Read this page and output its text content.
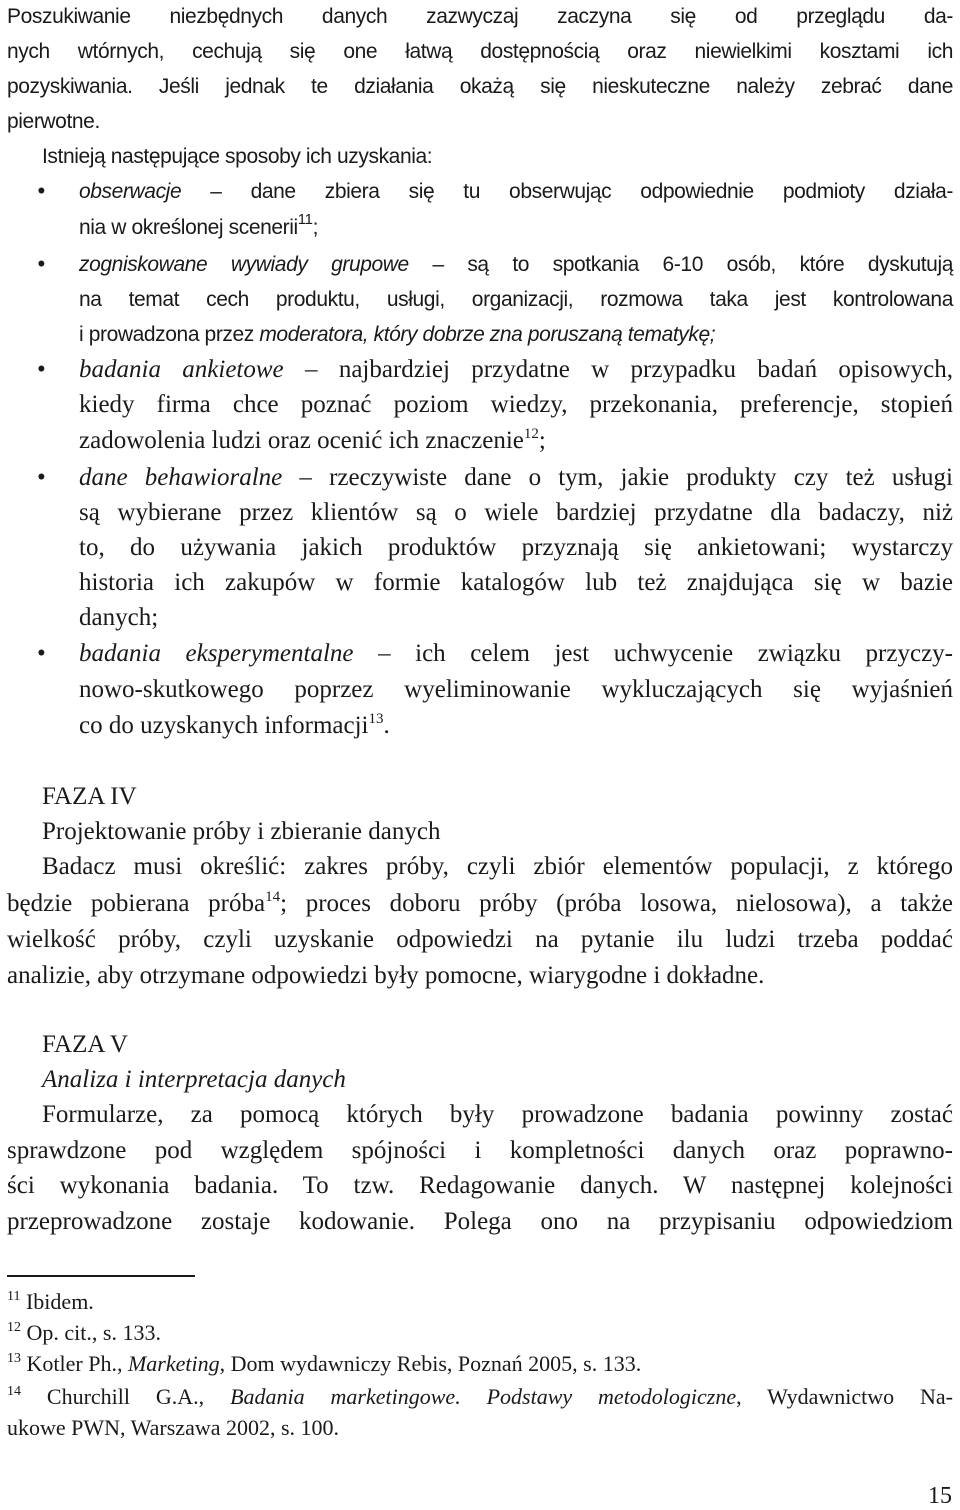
Poszukiwanie niezbędnych danych zazwyczaj zaczyna się od przeglądu da-
nych wtórnych, cechują się one łatwą dostępnością oraz niewielkimi kosztami ich
pozyskiwania. Jeśli jednak te działania okażą się nieskuteczne należy zebrać dane
pierwotne.
Istnieją następujące sposoby ich uzyskania:
• obserwacje – dane zbiera się tu obserwując odpowiednie podmioty działa-
nia w określonej scenerii$^{11}$;
• zogniskowane wywiady grupowe – są to spotkania 6-10 osób, które dyskutują
na temat cech produktu, usługi, organizacji, rozmowa taka jest kontrolowana
i prowadzona przez moderatora, który dobrze zna poruszaną tematykę;
• badania ankietowe – najbardziej przydatne w przypadku badań opisowych,
kiedy firma chce poznać poziom wiedzy, przekonania, preferencje, stopień
zadowolenia ludzi oraz ocenić ich znaczenie$^{12}$;
• dane behawioralne – rzeczywiste dane o tym, jakie produkty czy też usługi
są wybierane przez klientów są o wiele bardziej przydatne dla badaczy, niż
to, do używania jakich produktów przyznają się ankietowani; wystarczy
historia ich zakupów w formie katalogów lub też znajdująca się w bazie
danych;
• badania eksperymentalne – ich celem jest uchwycenie związku przyczy-
nowo-skutkowego poprzez wyeliminowanie wykluczających się wyjaśnień
co do uzyskanych informacji$^{13}$.
FAZA IV
Projektowanie próby i zbieranie danych
Badacz musi określić: zakres próby, czyli zbiór elementów populacji, z którego
będzie pobierana próba$^{14}$; proces doboru próby (próba losowa, nielosowa), a także
wielkość próby, czyli uzyskanie odpowiedzi na pytanie ilu ludzi trzeba poddać
analizie, aby otrzymane odpowiedzi były pomocne, wiarygodne i dokładne.
FAZA V
Analiza i interpretacja danych
Formularze, za pomocą których były prowadzone badania powinny zostać
sprawdzone pod względem spójności i kompletności danych oraz poprawno-
ści wykonania badania. To tzw. Redagowanie danych. W następnej kolejności
przeprowadzone zostaje kodowanie. Polega ono na przypisaniu odpowiedziom
$^{11}$ Ibidem.
$^{12}$ Op. cit., s. 133.
$^{13}$ Kotler Ph., Marketing, Dom wydawniczy Rebis, Poznań 2005, s. 133.
$^{14}$ Churchill G.A., Badania marketingowe. Podstawy metodologiczne, Wydawnictwo Na-
ukowe PWN, Warszawa 2002, s. 100.
15
